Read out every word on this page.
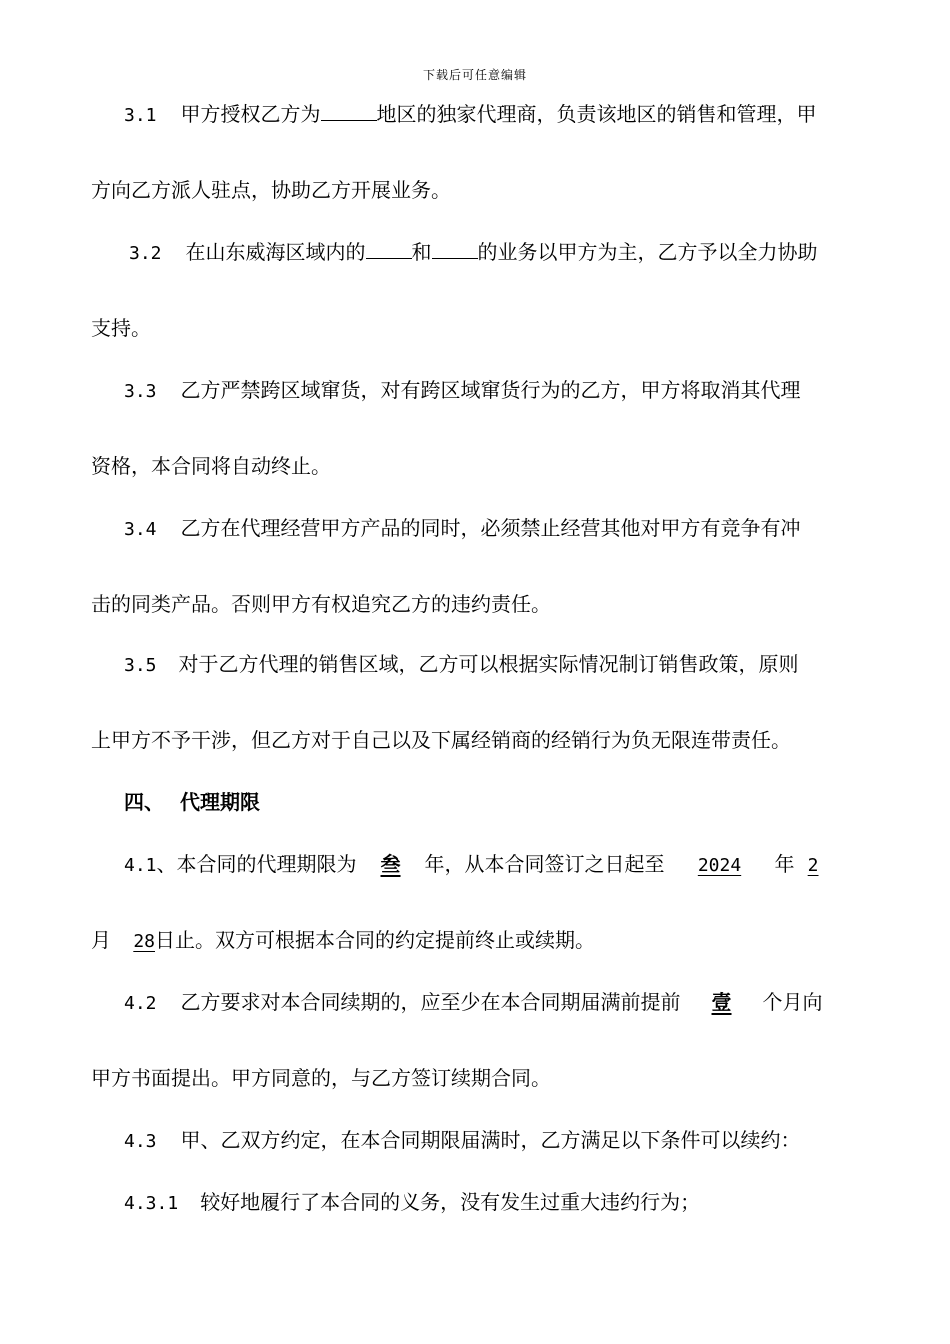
下载后可任意编辑
3.1 甲方授权乙方为	地区的独家代理商，负责该地区的销售和管理，甲
方向乙方派人驻点，协助乙方开展业务。
3.2 在山东威海区域内的 和 的业务以甲方为主，乙方予以全力协助
支持。
3.3 乙方严禁跨区域窜货，对有跨区域窜货行为的乙方，甲方将取消其代理
资格，本合同将自动终止。
3.4 乙方在代理经营甲方产品的同时，必须禁止经营其他对甲方有竞争有冲
击的同类产品。否则甲方有权追究乙方的违约责任。
3.5 对于乙方代理的销售区域，乙方可以根据实际情况制订销售政策，原则
上甲方不予干涉，但乙方对于自己以及下属经销商的经销行为负无限连带责任。
四、 代理期限
4.1、本合同的代理期限为 叁 年，从本合同签订之日起至 2024 年 2
月 28日止。双方可根据本合同的约定提前终止或续期。
4.2 乙方要求对本合同续期的，应至少在本合同期届满前提前 壹 个月向
甲方书面提出。甲方同意的，与乙方签订续期合同。
4.3 甲、乙双方约定，在本合同期限届满时，乙方满足以下条件可以续约：
4.3.1 较好地履行了本合同的义务，没有发生过重大违约行为；
